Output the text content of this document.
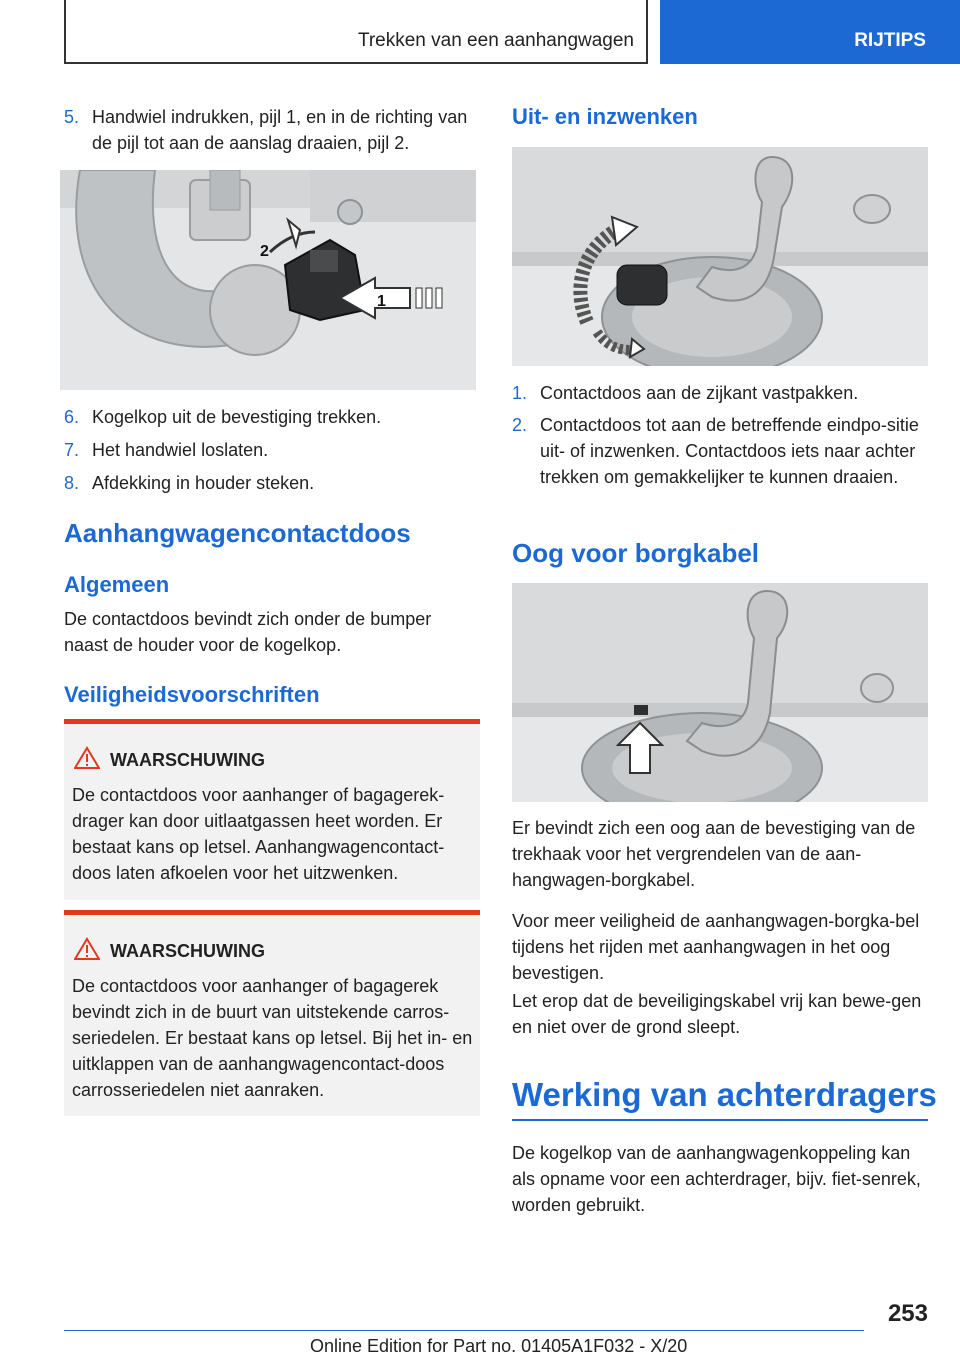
Trekken van een aanhangwagen	RIJTIPS
5. Handwiel indrukken, pijl 1, en in de richting van de pijl tot aan de aanslag draaien, pijl 2.
1
2
6. Kogelkop uit de bevestiging trekken.
7. Het handwiel loslaten.
8. Afdekking in houder steken.
Aanhangwagencontactdoos
Algemeen
De contactdoos bevindt zich onder de bumper naast de houder voor de kogelkop.
Veiligheidsvoorschriften
WAARSCHUWING
De contactdoos voor aanhanger of bagagerek-drager kan door uitlaatgassen heet worden. Er bestaat kans op letsel. Aanhangwagencontact-doos laten afkoelen voor het uitzwenken.
WAARSCHUWING
De contactdoos voor aanhanger of bagagerek bevindt zich in de buurt van uitstekende carros-seriedelen. Er bestaat kans op letsel. Bij het in- en uitklappen van de aanhangwagencontact-doos carrosseriedelen niet aanraken.
Uit- en inzwenken
1. Contactdoos aan de zijkant vastpakken.
2. Contactdoos tot aan de betreffende eindpo-sitie uit- of inzwenken. Contactdoos iets naar achter trekken om gemakkelijker te kunnen draaien.
Oog voor borgkabel
Er bevindt zich een oog aan de bevestiging van de trekhaak voor het vergrendelen van de aan-hangwagen-borgkabel.
Voor meer veiligheid de aanhangwagen-borgka-bel tijdens het rijden met aanhangwagen in het oog bevestigen.
Let erop dat de beveiligingskabel vrij kan bewe-gen en niet over de grond sleept.
Werking van achterdragers
De kogelkop van de aanhangwagenkoppeling kan als opname voor een achterdrager, bijv. fiet-senrek, worden gebruikt.
253
Online Edition for Part no. 01405A1F032 - X/20
